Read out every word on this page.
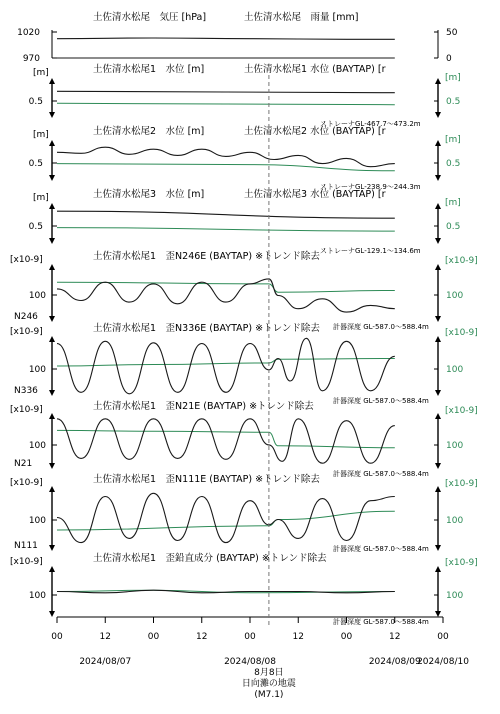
土佐清水松尾　気圧 [hPa]	土佐清水松尾　雨量 [mm]
1020
970
50
0
土佐清水松尾1　水位 [m]	土佐清水松尾1 水位 (BAYTAP) [r
[m]	[m]
0.5	0.5
ストレーナGL-467.7〜473.2m
土佐清水松尾2　水位 [m]	土佐清水松尾2 水位 (BAYTAP) [r
[m]	[m]
0.5	0.5
ストレーナGL-238.9〜244.3m
土佐清水松尾3　水位 [m]	土佐清水松尾3 水位 (BAYTAP) [r
[m]	[m]
0.5	0.5
ストレーナGL-129.1〜134.6m
土佐清水松尾1　歪N246E (BAYTAP) ※トレンド除去
[x10-9]	[x10-9]
100	100
N246
計器深度 GL-587.0〜588.4m
土佐清水松尾1　歪N336E (BAYTAP) ※トレンド除去
[x10-9]	[x10-9]
100	100
N336
計器深度 GL-587.0〜588.4m
土佐清水松尾1　歪N21E (BAYTAP) ※トレンド除去
[x10-9]	[x10-9]
100	100
N21
計器深度 GL-587.0〜588.4m
土佐清水松尾1　歪N111E (BAYTAP) ※トレンド除去
[x10-9]	[x10-9]
100	100
N111	計器深度 GL-587.0〜588.4m
土佐清水松尾1　歪鉛直成分 (BAYTAP) ※トレンド除去
[x10-9]	[x10-9]
100	100
計器深度 GL-587.0〜588.4m
00	12	00	12	00	12	00	12	00
2024/08/07	2024/08/08	2024/08/09
2024/08/10
8月8日
日向灘の地震
(M7.1)
